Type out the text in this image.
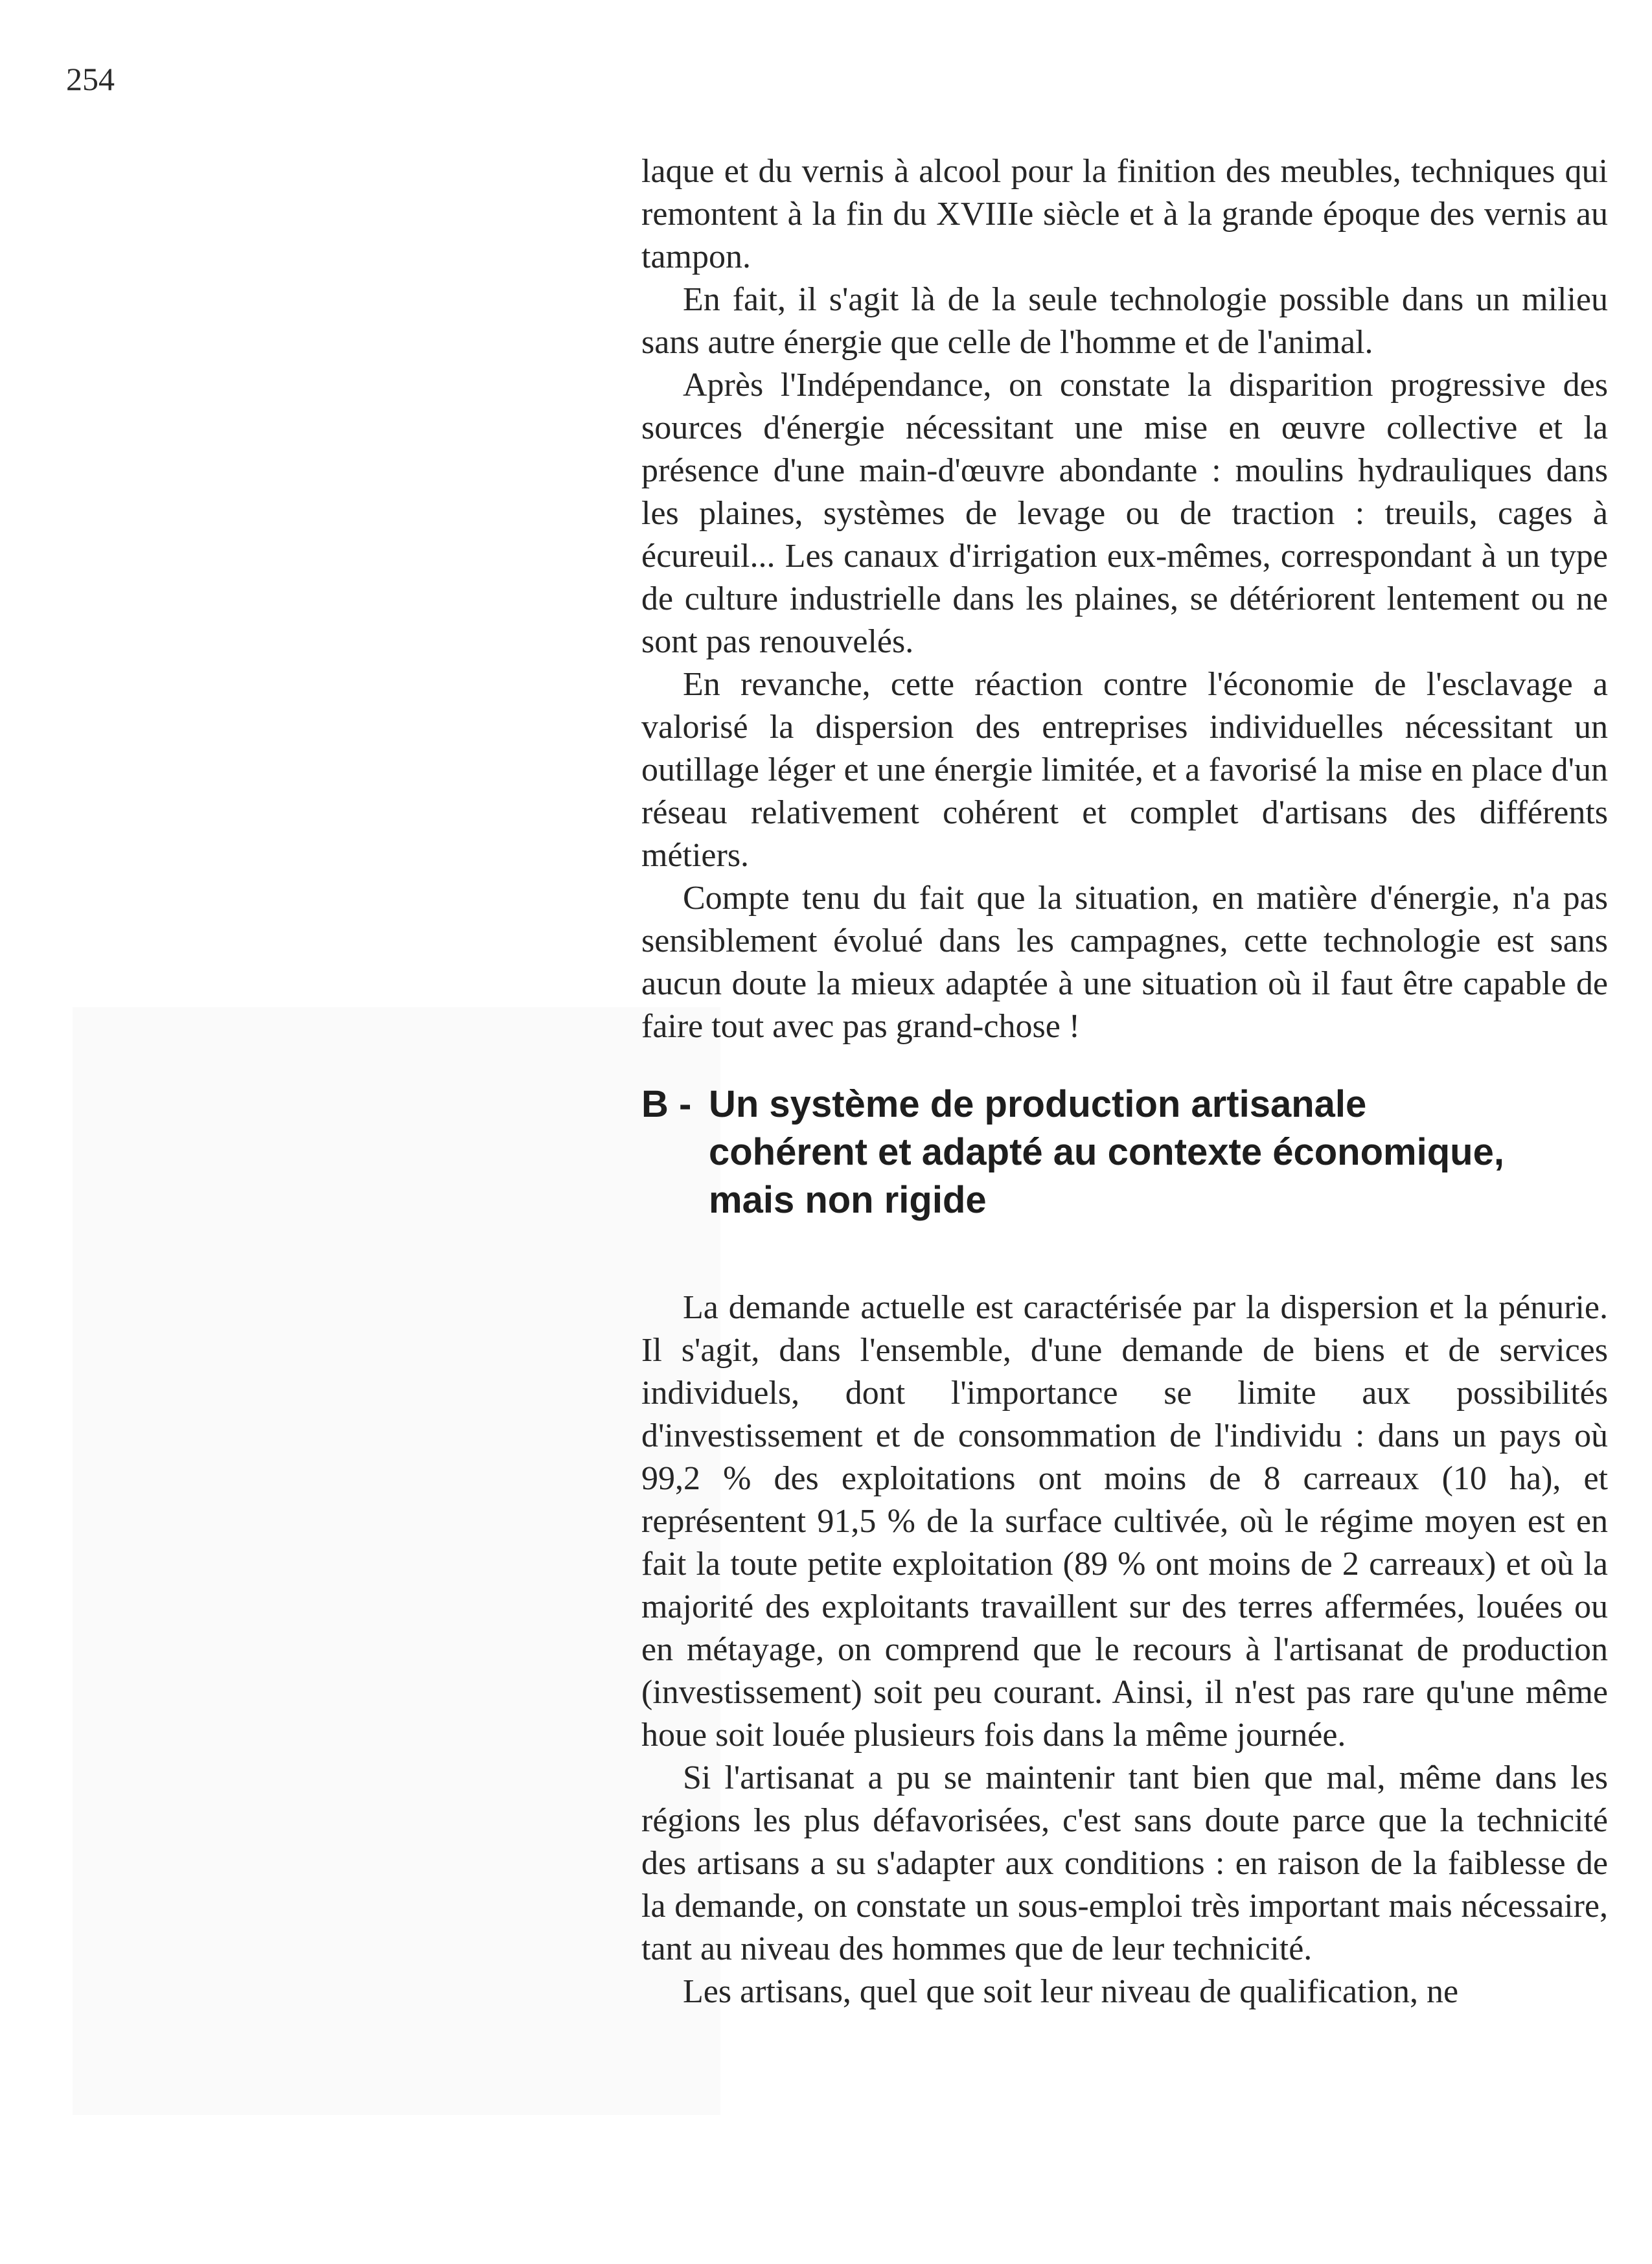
254

laque et du vernis à alcool pour la finition des meubles, techniques qui remontent à la fin du XVIIIe siècle et à la grande époque des vernis au tampon.

En fait, il s'agit là de la seule technologie possible dans un milieu sans autre énergie que celle de l'homme et de l'animal.

Après l'Indépendance, on constate la disparition progressive des sources d'énergie nécessitant une mise en œuvre collective et la présence d'une main-d'œuvre abondante : moulins hydrauliques dans les plaines, systèmes de levage ou de traction : treuils, cages à écureuil... Les canaux d'irrigation eux-mêmes, correspondant à un type de culture industrielle dans les plaines, se détériorent lentement ou ne sont pas renouvelés.

En revanche, cette réaction contre l'économie de l'esclavage a valorisé la dispersion des entreprises individuelles nécessitant un outillage léger et une énergie limitée, et a favorisé la mise en place d'un réseau relativement cohérent et complet d'artisans des différents métiers.

Compte tenu du fait que la situation, en matière d'énergie, n'a pas sensiblement évolué dans les campagnes, cette technologie est sans aucun doute la mieux adaptée à une situation où il faut être capable de faire tout avec pas grand-chose !

B - Un système de production artisanale
cohérent et adapté au contexte économique,
mais non rigide

La demande actuelle est caractérisée par la dispersion et la pénurie. Il s'agit, dans l'ensemble, d'une demande de biens et de services individuels, dont l'importance se limite aux possibilités d'investissement et de consommation de l'individu : dans un pays où 99,2 % des exploitations ont moins de 8 carreaux (10 ha), et représentent 91,5 % de la surface cultivée, où le régime moyen est en fait la toute petite exploitation (89 % ont moins de 2 carreaux) et où la majorité des exploitants travaillent sur des terres affermées, louées ou en métayage, on comprend que le recours à l'artisanat de production (investissement) soit peu courant. Ainsi, il n'est pas rare qu'une même houe soit louée plusieurs fois dans la même journée.

Si l'artisanat a pu se maintenir tant bien que mal, même dans les régions les plus défavorisées, c'est sans doute parce que la technicité des artisans a su s'adapter aux conditions : en raison de la faiblesse de la demande, on constate un sous-emploi très important mais nécessaire, tant au niveau des hommes que de leur technicité.

Les artisans, quel que soit leur niveau de qualification, ne
